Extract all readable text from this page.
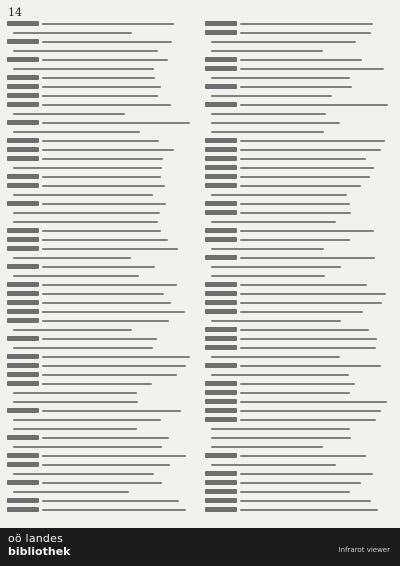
14
oö landes
bibliothek	Infrarot viewer
